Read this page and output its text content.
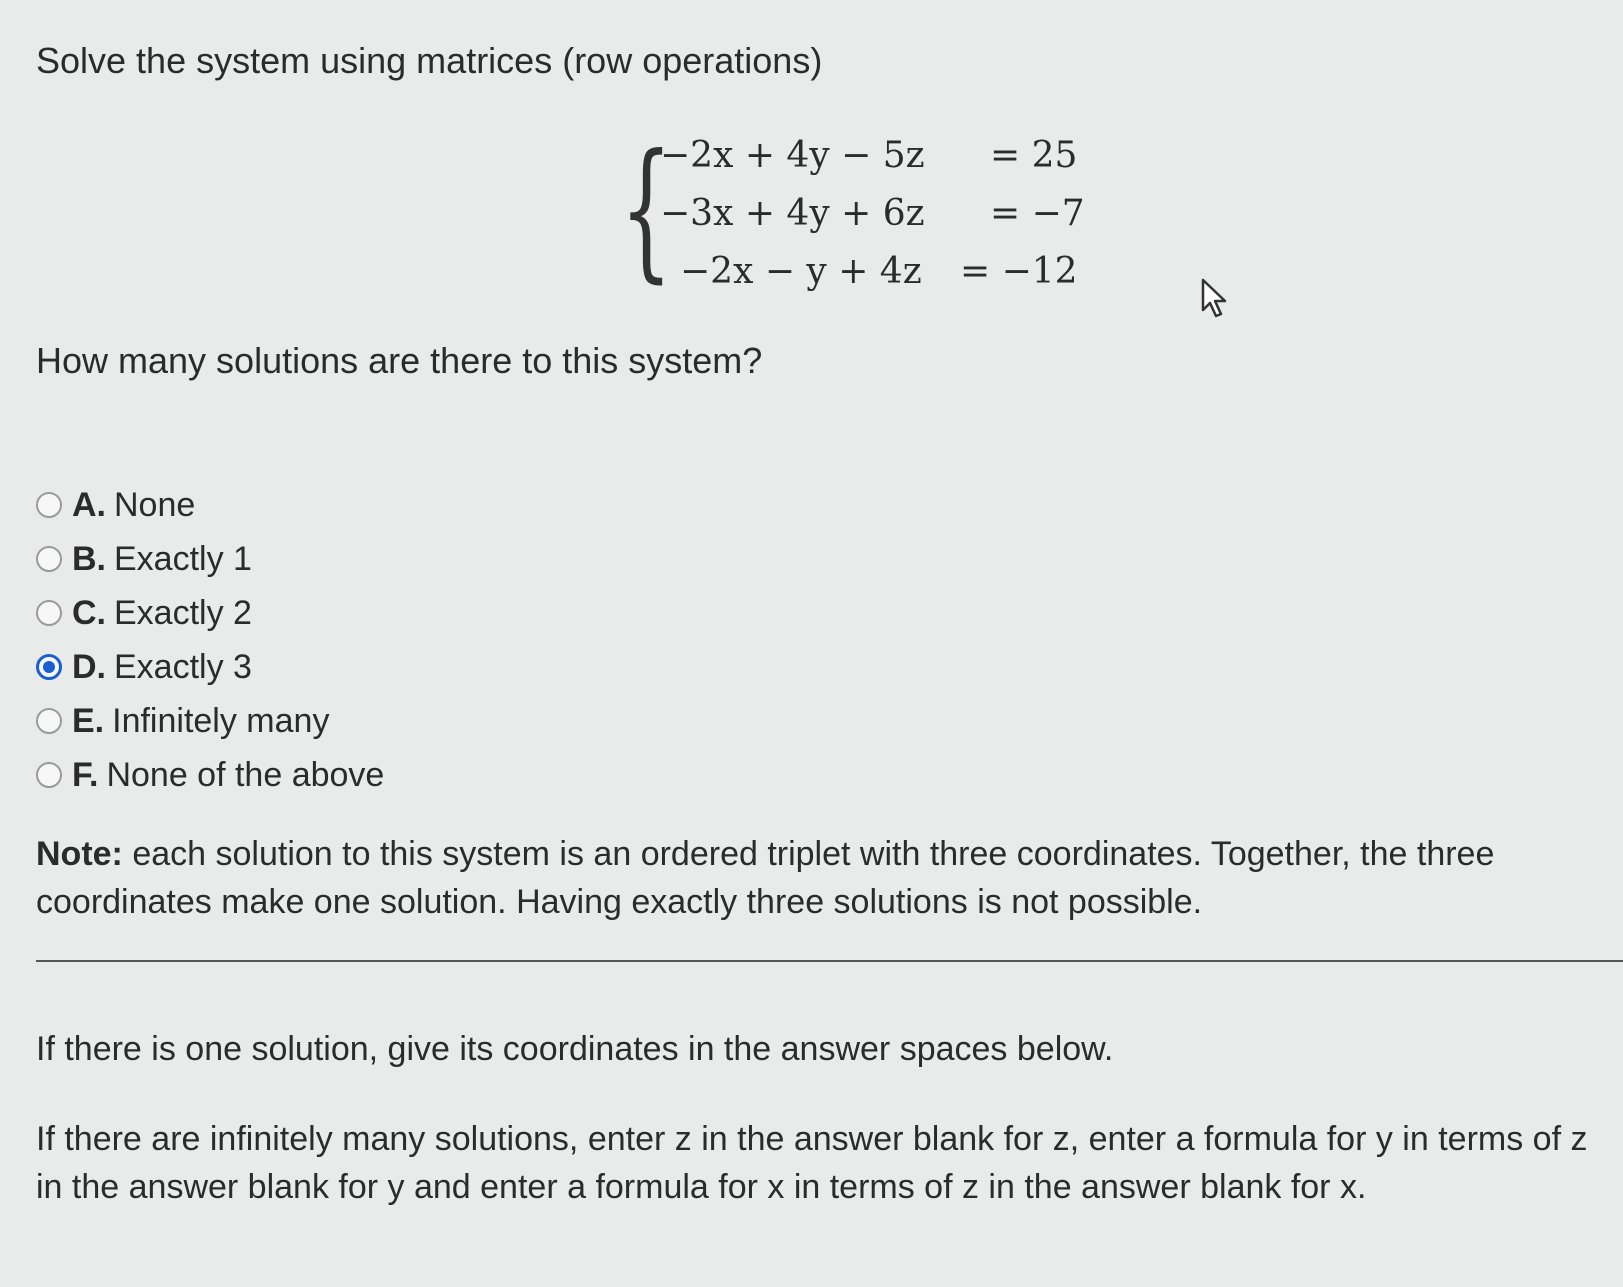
Solve the system using matrices (row operations)
{
−2x + 4y − 5z = 25
−3x + 4y + 6z = −7
−2x − y + 4z = −12
How many solutions are there to this system?
A. None
B. Exactly 1
C. Exactly 2
D. Exactly 3
E. Infinitely many
F. None of the above
Note: each solution to this system is an ordered triplet with three coordinates. Together, the three coordinates make one solution. Having exactly three solutions is not possible.
If there is one solution, give its coordinates in the answer spaces below.
If there are infinitely many solutions, enter z in the answer blank for z, enter a formula for y in terms of z in the answer blank for y and enter a formula for x in terms of z in the answer blank for x.
